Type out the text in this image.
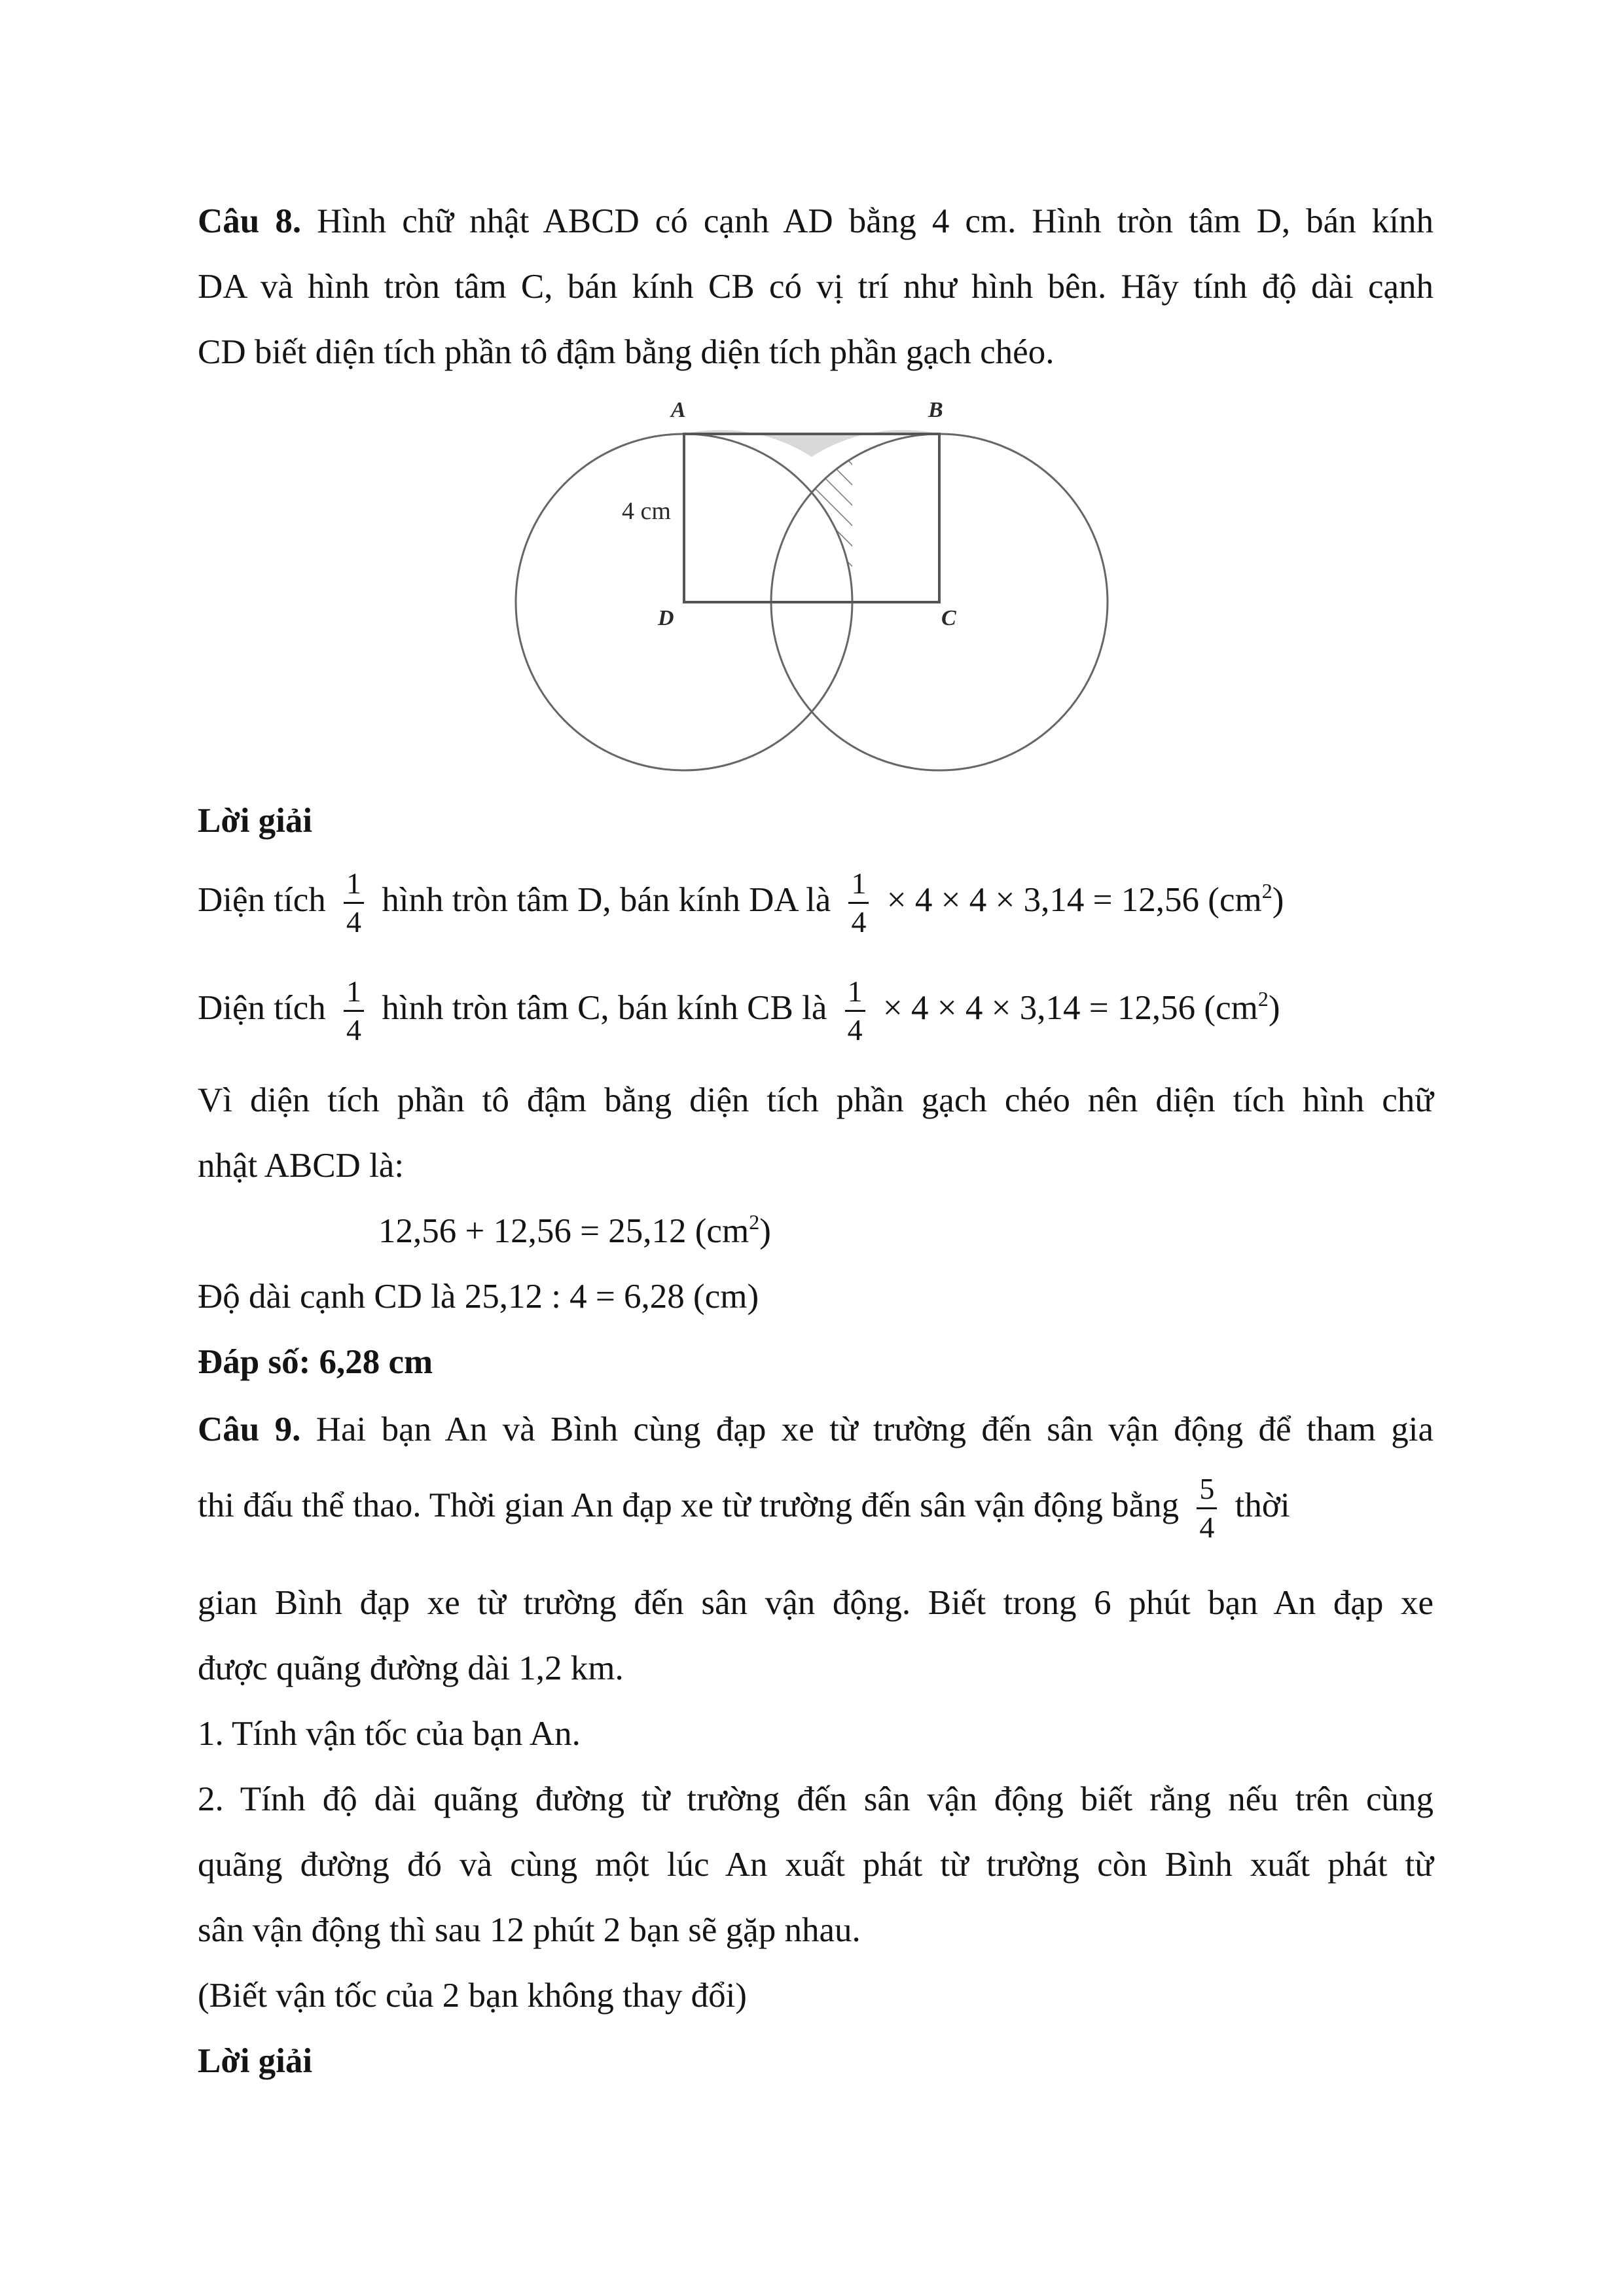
Câu 8. Hình chữ nhật ABCD có cạnh AD bằng 4 cm. Hình tròn tâm D, bán kính
DA và hình tròn tâm C, bán kính CB có vị trí như hình bên. Hãy tính độ dài cạnh
CD biết diện tích phần tô đậm bằng diện tích phần gạch chéo.
A	B
D	C
4 cm
Lời giải
Diện tích $\frac{1}{4}$ hình tròn tâm D, bán kính DA là $\frac{1}{4} \times 4 \times 4 \times 3,14 = 12,56$ $(cm^2)$
Diện tích $\frac{1}{4}$ hình tròn tâm C, bán kính CB là $\frac{1}{4} \times 4 \times 4 \times 3,14 = 12,56$ $(cm^2)$
Vì diện tích phần tô đậm bằng diện tích phần gạch chéo nên diện tích hình chữ
nhật ABCD là:
12,56 + 12,56 = 25,12 $(cm^2)$
Độ dài cạnh CD là 25,12 : 4 = 6,28 (cm)
Đáp số: 6,28 cm
Câu 9. Hai bạn An và Bình cùng đạp xe từ trường đến sân vận động để tham gia
thi đấu thể thao. Thời gian An đạp xe từ trường đến sân vận động bằng $\frac{5}{4}$ thời
gian Bình đạp xe từ trường đến sân vận động. Biết trong 6 phút bạn An đạp xe
được quãng đường dài 1,2 km.
1. Tính vận tốc của bạn An.
2. Tính độ dài quãng đường từ trường đến sân vận động biết rằng nếu trên cùng
quãng đường đó và cùng một lúc An xuất phát từ trường còn Bình xuất phát từ
sân vận động thì sau 12 phút 2 bạn sẽ gặp nhau.
(Biết vận tốc của 2 bạn không thay đổi)
Lời giải
